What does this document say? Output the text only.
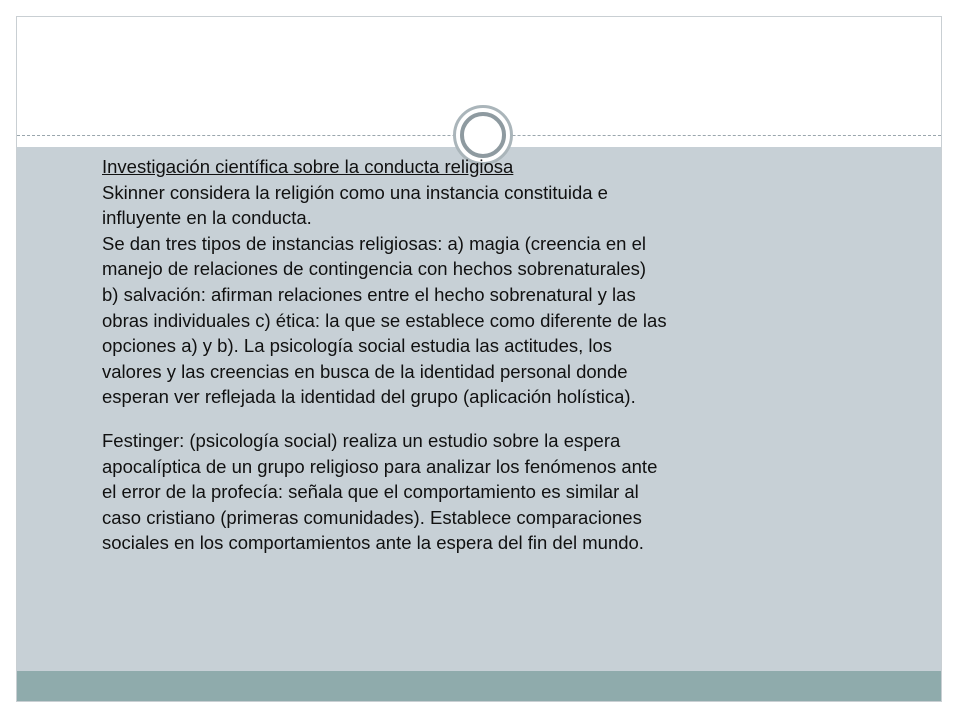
Investigación científica sobre la conducta religiosa

Skinner considera la religión como una instancia constituida e
influyente en la conducta.
Se dan tres tipos de instancias religiosas: a) magia (creencia en el
manejo de relaciones de contingencia con hechos sobrenaturales)
b) salvación: afirman relaciones entre el hecho sobrenatural y las
obras individuales c) ética: la que se establece como diferente de las
opciones a) y b). La psicología social estudia las actitudes, los
valores y las creencias en busca de la identidad personal donde
esperan ver reflejada la identidad del grupo (aplicación holística).

Festinger: (psicología social) realiza un estudio sobre la espera
apocalíptica de un grupo religioso para analizar los fenómenos ante
el error de la profecía: señala que el comportamiento es similar al
caso cristiano (primeras comunidades). Establece comparaciones
sociales en los comportamientos ante la espera del fin del mundo.
